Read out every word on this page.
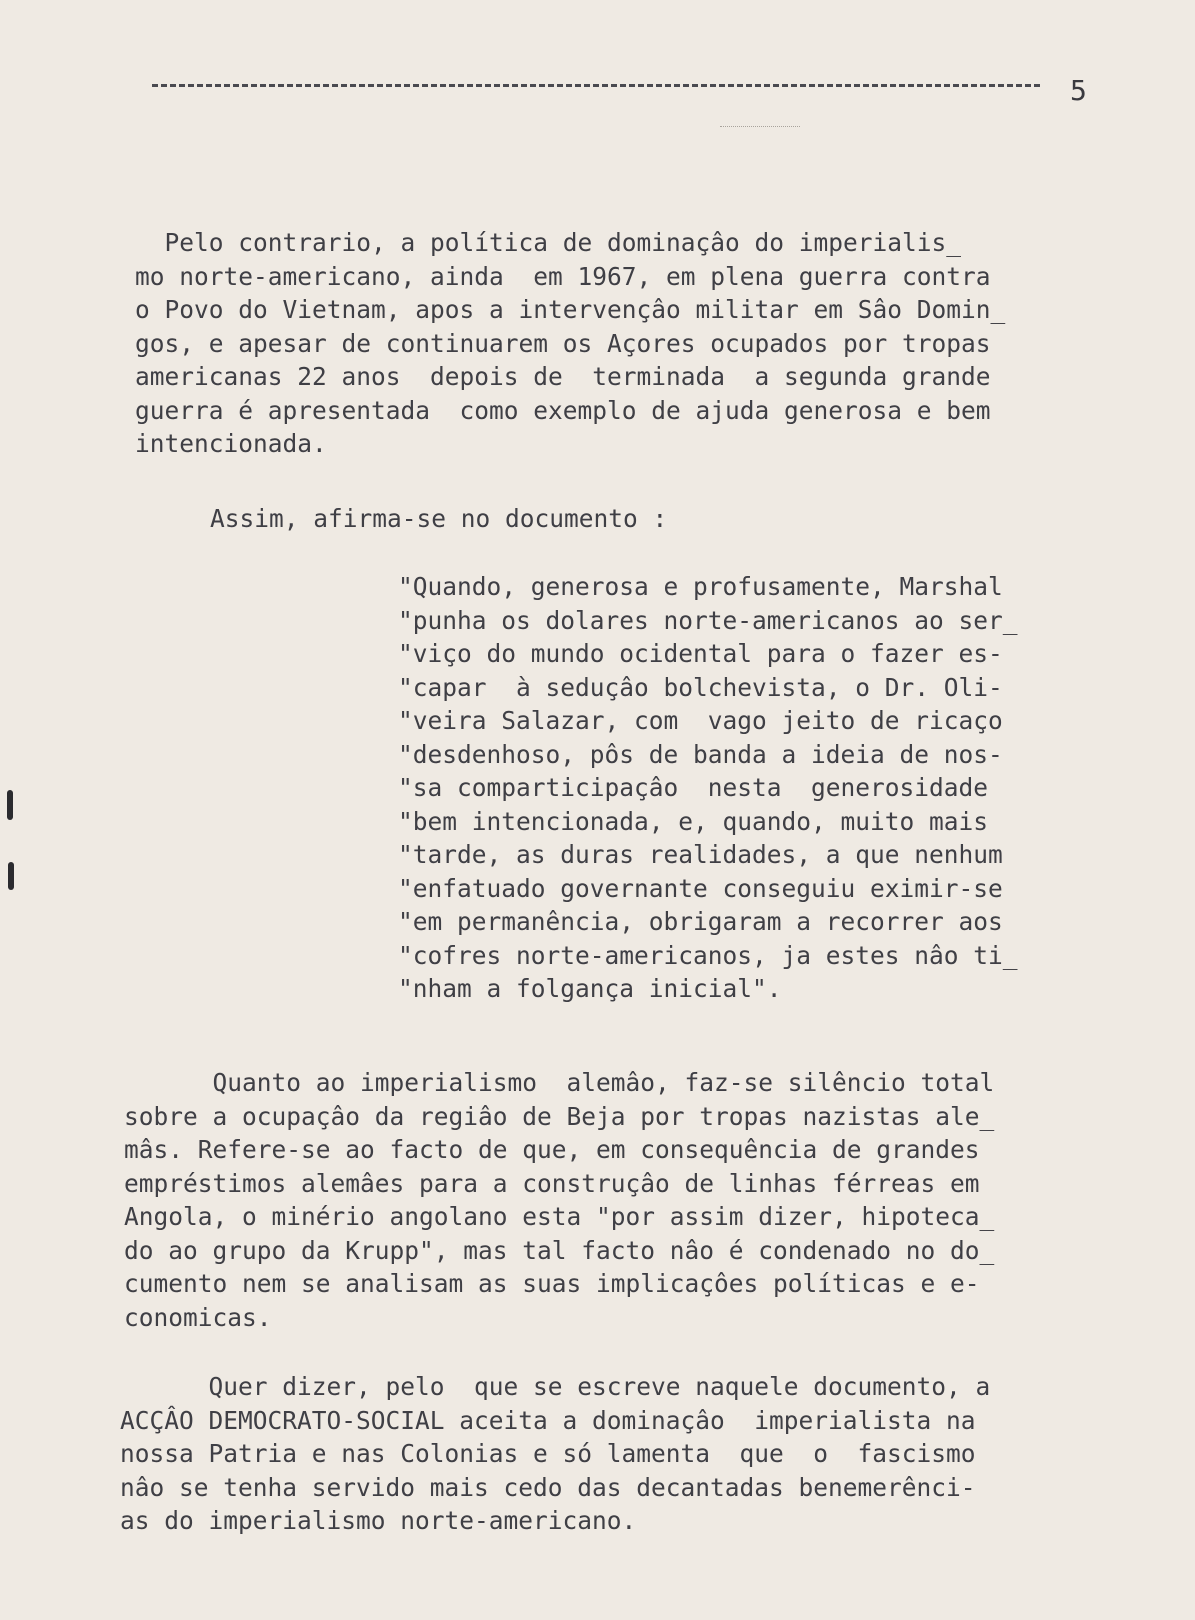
5
Pelo contrario, a política de dominaçâo do imperialis_
mo norte-americano, ainda  em 1967, em plena guerra contra
o Povo do Vietnam, apos a intervençâo militar em Sâo Domin_
gos, e apesar de continuarem os Açores ocupados por tropas
americanas 22 anos  depois de  terminada  a segunda grande
guerra é apresentada  como exemplo de ajuda generosa e bem
intencionada.
Assim, afirma-se no documento :
"Quando, generosa e profusamente, Marshal
"punha os dolares norte-americanos ao ser_
"viço do mundo ocidental para o fazer es-
"capar  à seduçâo bolchevista, o Dr. Oli-
"veira Salazar, com  vago jeito de ricaço
"desdenhoso, pôs de banda a ideia de nos-
"sa comparticipaçâo  nesta  generosidade
"bem intencionada, e, quando, muito mais
"tarde, as duras realidades, a que nenhum
"enfatuado governante conseguiu eximir-se
"em permanência, obrigaram a recorrer aos
"cofres norte-americanos, ja estes nâo ti_
"nham a folgança inicial".
Quanto ao imperialismo  alemâo, faz-se silêncio total
sobre a ocupaçâo da regiâo de Beja por tropas nazistas ale_
mâs. Refere-se ao facto de que, em consequência de grandes
empréstimos alemâes para a construçâo de linhas férreas em
Angola, o minério angolano esta "por assim dizer, hipoteca_
do ao grupo da Krupp", mas tal facto nâo é condenado no do_
cumento nem se analisam as suas implicaçôes políticas e e-
conomicas.
Quer dizer, pelo  que se escreve naquele documento, a
ACÇÂO DEMOCRATO-SOCIAL aceita a dominaçâo  imperialista na
nossa Patria e nas Colonias e só lamenta  que  o  fascismo
nâo se tenha servido mais cedo das decantadas benemerênci-
as do imperialismo norte-americano.
